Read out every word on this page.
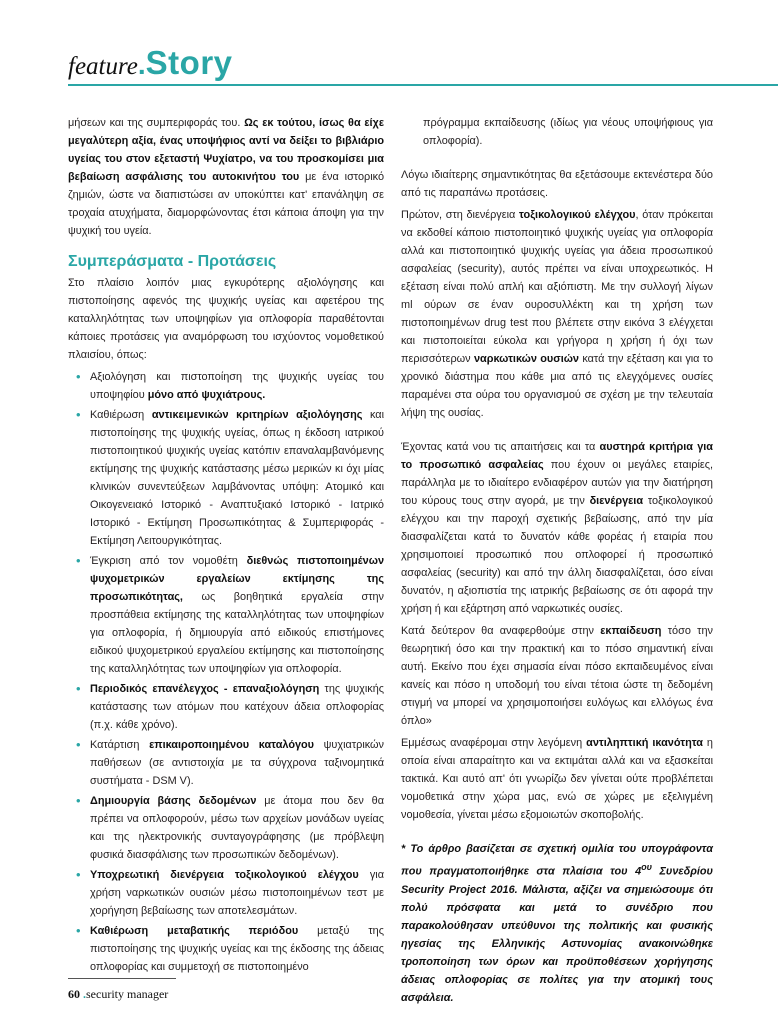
feature.Story

μήσεων και της συμπεριφοράς του. Ως εκ τούτου, ίσως θα είχε μεγαλύτερη αξία, ένας υποψήφιος αντί να δείξει το βιβλιάριο υγείας του στον εξεταστή Ψυχίατρο, να του προσκομίσει μια βεβαίωση ασφάλισης του αυτοκινήτου του με ένα ιστορικό ζημιών, ώστε να διαπιστώσει αν υποκύπτει κατ' επανάληψη σε τροχαία ατυχήματα, διαμορφώνοντας έτσι κάποια άποψη για την ψυχική του υγεία.

Συμπεράσματα - Προτάσεις

Στο πλαίσιο λοιπόν μιας εγκυρότερης αξιολόγησης και πιστοποίησης αφενός της ψυχικής υγείας και αφετέρου της καταλληλότητας των υποψηφίων για οπλοφορία παραθέτονται κάποιες προτάσεις για αναμόρφωση του ισχύοντος νομοθετικού πλαισίου, όπως:

• Αξιολόγηση και πιστοποίηση της ψυχικής υγείας του υποψηφίου μόνο από ψυχιάτρους.
• Καθιέρωση αντικειμενικών κριτηρίων αξιολόγησης και πιστοποίησης της ψυχικής υγείας, όπως η έκδοση ιατρικού πιστοποιητικού ψυχικής υγείας κατόπιν επαναλαμβανόμενης εκτίμησης της ψυχικής κατάστασης μέσω μερικών κι όχι μίας κλινικών συνεντεύξεων λαμβάνοντας υπόψη: Ατομικό και Οικογενειακό Ιστορικό - Αναπτυξιακό Ιστορικό - Ιατρικό Ιστορικό - Εκτίμηση Προσωπικότητας & Συμπεριφοράς - Εκτίμηση Λειτουργικότητας.
• Έγκριση από τον νομοθέτη διεθνώς πιστοποιημένων ψυχομετρικών εργαλείων εκτίμησης της προσωπικότητας, ως βοηθητικά εργαλεία στην προσπάθεια εκτίμησης της καταλληλότητας των υποψηφίων για οπλοφορία, ή δημιουργία από ειδικούς επιστήμονες ειδικού ψυχομετρικού εργαλείου εκτίμησης και πιστοποίησης της καταλληλότητας των υποψηφίων για οπλοφορία.
• Περιοδικός επανέλεγχος - επαναξιολόγηση της ψυχικής κατάστασης των ατόμων που κατέχουν άδεια οπλοφορίας (π.χ. κάθε χρόνο).
• Κατάρτιση επικαιροποιημένου καταλόγου ψυχιατρικών παθήσεων (σε αντιστοιχία με τα σύγχρονα ταξινομητικά συστήματα - DSM V).
• Δημιουργία βάσης δεδομένων με άτομα που δεν θα πρέπει να οπλοφορούν, μέσω των αρχείων μονάδων υγείας και της ηλεκτρονικής συνταγογράφησης (με πρόβλεψη φυσικά διασφάλισης των προσωπικών δεδομένων).
• Υποχρεωτική διενέργεια τοξικολογικού ελέγχου για χρήση ναρκωτικών ουσιών μέσω πιστοποιημένων τεστ με χορήγηση βεβαίωσης των αποτελεσμάτων.
• Καθιέρωση μεταβατικής περιόδου μεταξύ της πιστοποίησης της ψυχικής υγείας και της έκδοσης της άδειας οπλοφορίας και συμμετοχή σε πιστοποιημένο

πρόγραμμα εκπαίδευσης (ιδίως για νέους υποψήφιους για οπλοφορία).

Λόγω ιδιαίτερης σημαντικότητας θα εξετάσουμε εκτενέστερα δύο από τις παραπάνω προτάσεις.

Πρώτον, στη διενέργεια τοξικολογικού ελέγχου, όταν πρόκειται να εκδοθεί κάποιο πιστοποιητικό ψυχικής υγείας για οπλοφορία αλλά και πιστοποιητικό ψυχικής υγείας για άδεια προσωπικού ασφαλείας (security), αυτός πρέπει να είναι υποχρεωτικός. Η εξέταση είναι πολύ απλή και αξιόπιστη. Με την συλλογή λίγων ml ούρων σε έναν ουροσυλλέκτη και τη χρήση των πιστοποιημένων drug test που βλέπετε στην εικόνα 3 ελέγχεται και πιστοποιείται εύκολα και γρήγορα η χρήση ή όχι των περισσότερων ναρκωτικών ουσιών κατά την εξέταση και για το χρονικό διάστημα που κάθε μια από τις ελεγχόμενες ουσίες παραμένει στα ούρα του οργανισμού σε σχέση με την τελευταία λήψη της ουσίας.

Έχοντας κατά νου τις απαιτήσεις και τα αυστηρά κριτήρια για το προσωπικό ασφαλείας που έχουν οι μεγάλες εταιρίες, παράλληλα με το ιδιαίτερο ενδιαφέρον αυτών για την διατήρηση του κύρους τους στην αγορά, με την διενέργεια τοξικολογικού ελέγχου και την παροχή σχετικής βεβαίωσης, από την μία διασφαλίζεται κατά το δυνατόν κάθε φορέας ή εταιρία που χρησιμοποιεί προσωπικό που οπλοφορεί ή προσωπικό ασφαλείας (security) και από την άλλη διασφαλίζεται, όσο είναι δυνατόν, η αξιοπιστία της ιατρικής βεβαίωσης σε ότι αφορά την χρήση ή και εξάρτηση από ναρκωτικές ουσίες.

Κατά δεύτερον θα αναφερθούμε στην εκπαίδευση τόσο την θεωρητική όσο και την πρακτική και το πόσο σημαντική είναι αυτή. Εκείνο που έχει σημασία είναι πόσο εκπαιδευμένος είναι κανείς και πόσο η υποδομή του είναι τέτοια ώστε τη δεδομένη στιγμή να μπορεί να χρησιμοποιήσει ευλόγως και ελλόγως ένα όπλο»

Εμμέσως αναφέρομαι στην λεγόμενη αντιληπτική ικανότητα η οποία είναι απαραίτητο και να εκτιμάται αλλά και να εξασκείται τακτικά. Και αυτό απ' ότι γνωρίζω δεν γίνεται ούτε προβλέπεται νομοθετικά στην χώρα μας, ενώ σε χώρες με εξελιγμένη νομοθεσία, γίνεται μέσω εξομοιωτών σκοποβολής.

* Το άρθρο βασίζεται σε σχετική ομιλία του υπογράφοντα που πραγματοποιήθηκε στα πλαίσια του $4^{o\upsilon}$ Συνεδρίου Security Project 2016. Μάλιστα, αξίζει να σημειώσουμε ότι πολύ πρόσφατα και μετά το συνέδριο που παρακολούθησαν υπεύθυνοι της πολιτικής και φυσικής ηγεσίας της Ελληνικής Αστυνομίας ανακοινώθηκε τροποποίηση των όρων και προϋποθέσεων χορήγησης άδειας οπλοφορίας σε πολίτες για την ατομική τους ασφάλεια.

60 .security manager
